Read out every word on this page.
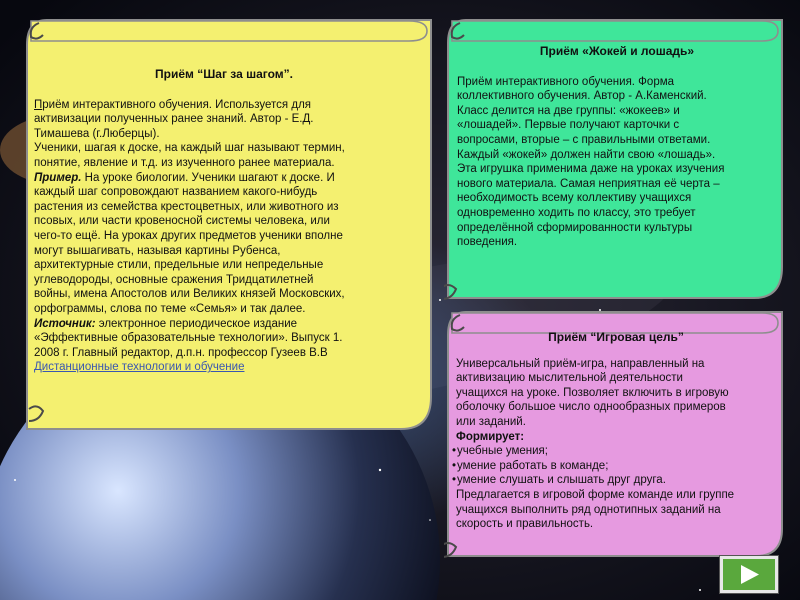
Приём “Шаг за шагом”.
Приём интерактивного обучения. Используется для
активизации полученных ранее знаний. Автор - Е.Д.
Тимашева (г.Люберцы).
Ученики, шагая к доске, на каждый шаг называют термин,
понятие, явление и т.д. из изученного ранее материала.
Пример. На уроке биологии. Ученики шагают к доске. И
каждый шаг сопровождают названием какого-нибудь
растения из семейства крестоцветных, или животного из
псовых, или части кровеносной системы человека, или
чего-то ещё. На уроках других предметов ученики вполне
могут вышагивать, называя картины Рубенса,
архитектурные стили, предельные или непредельные
углеводороды, основные сражения Тридцатилетней
войны, имена Апостолов или Великих князей Московских,
орфограммы, слова по теме «Семья» и так далее.
Источник: электронное периодическое издание
«Эффективные образовательные технологии». Выпуск 1.
2008 г. Главный редактор, д.п.н. профессор Гузеев В.В
Дистанционные технологии и обучение
Приём «Жокей и лошадь»
Приём интерактивного обучения. Форма
коллективного обучения. Автор - А.Каменский.
Класс делится на две группы: «жокеев» и
«лошадей». Первые получают карточки с
вопросами, вторые – с правильными ответами.
Каждый «жокей» должен найти свою «лошадь».
Эта игрушка применима даже на уроках изучения
нового материала. Самая неприятная её черта –
необходимость всему коллективу учащихся
одновременно ходить по классу, это требует
определённой сформированности культуры
поведения.
Приём “Игровая цель”
Универсальный приём-игра, направленный на
активизацию мыслительной деятельности
учащихся на уроке. Позволяет включить в игровую
оболочку большое число однообразных примеров
или заданий.
Формирует:
• учебные умения;
• умение работать в команде;
• умение слушать и слышать друг друга.
Предлагается в игровой форме команде или группе
учащихся выполнить ряд однотипных заданий на
скорость и правильность.
